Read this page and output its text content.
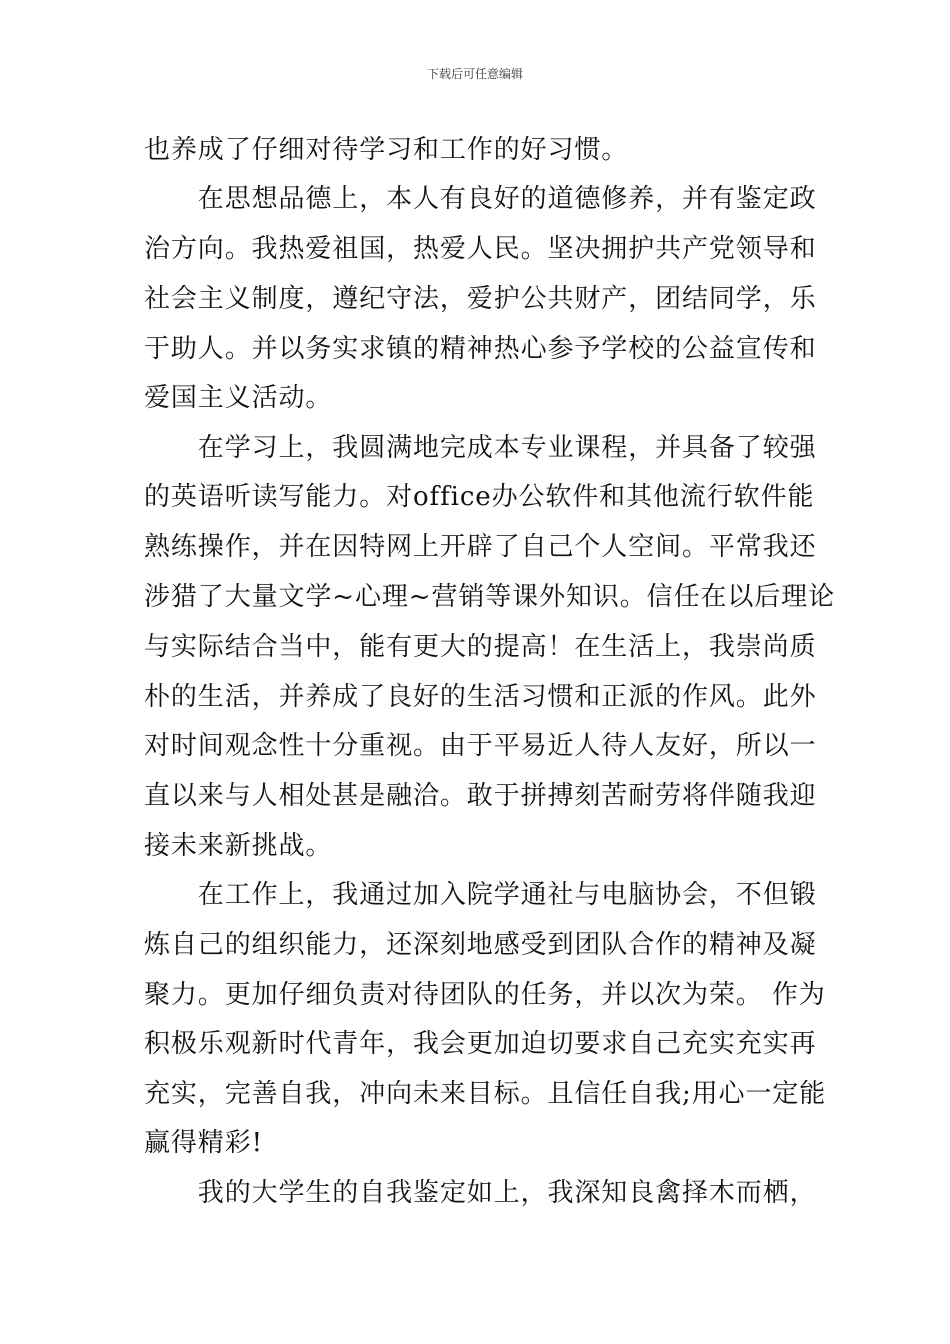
下载后可任意编辑
也养成了仔细对待学习和工作的好习惯。
　　在思想品德上，本人有良好的道德修养，并有鉴定政
治方向。我热爱祖国，热爱人民。坚决拥护共产党领导和
社会主义制度，遵纪守法，爱护公共财产，团结同学，乐
于助人。并以务实求镇的精神热心参予学校的公益宣传和
爱国主义活动。
　　在学习上，我圆满地完成本专业课程，并具备了较强
的英语听读写能力。对office办公软件和其他流行软件能
熟练操作，并在因特网上开辟了自己个人空间。平常我还
涉猎了大量文学~心理~营销等课外知识。信任在以后理论
与实际结合当中，能有更大的提高！在生活上，我崇尚质
朴的生活，并养成了良好的生活习惯和正派的作风。此外
对时间观念性十分重视。由于平易近人待人友好，所以一
直以来与人相处甚是融洽。敢于拼搏刻苦耐劳将伴随我迎
接未来新挑战。
　　在工作上，我通过加入院学通社与电脑协会，不但锻
炼自己的组织能力，还深刻地感受到团队合作的精神及凝
聚力。更加仔细负责对待团队的任务，并以次为荣。 作为
积极乐观新时代青年，我会更加迫切要求自己充实充实再
充实，完善自我，冲向未来目标。且信任自我;用心一定能
赢得精彩!
　　我的大学生的自我鉴定如上，我深知良禽择木而栖，
